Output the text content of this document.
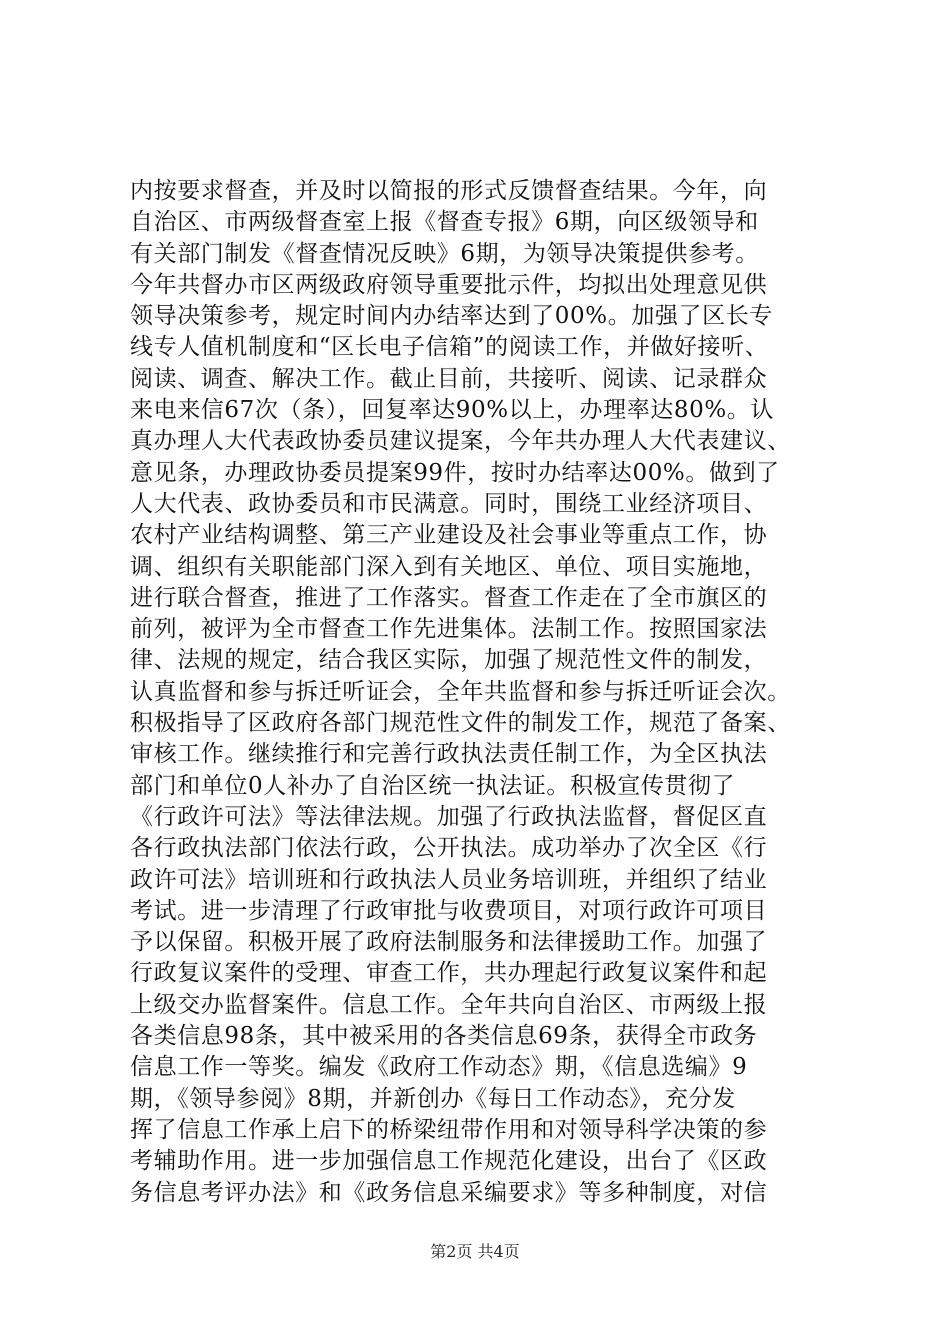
内按要求督查，并及时以简报的形式反馈督查结果。今年，向
自治区、市两级督查室上报《督查专报》6期，向区级领导和
有关部门制发《督查情况反映》6期，为领导决策提供参考。
今年共督办市区两级政府领导重要批示件，均拟出处理意见供
领导决策参考，规定时间内办结率达到了00%。加强了区长专
线专人值机制度和“区长电子信箱”的阅读工作，并做好接听、
阅读、调查、解决工作。截止目前，共接听、阅读、记录群众
来电来信67次（条），回复率达90%以上，办理率达80%。认
真办理人大代表政协委员建议提案，今年共办理人大代表建议、
意见条，办理政协委员提案99件，按时办结率达00%。做到了
人大代表、政协委员和市民满意。同时，围绕工业经济项目、
农村产业结构调整、第三产业建设及社会事业等重点工作，协
调、组织有关职能部门深入到有关地区、单位、项目实施地，
进行联合督查，推进了工作落实。督查工作走在了全市旗区的
前列，被评为全市督查工作先进集体。法制工作。按照国家法
律、法规的规定，结合我区实际，加强了规范性文件的制发，
认真监督和参与拆迁听证会，全年共监督和参与拆迁听证会次。
积极指导了区政府各部门规范性文件的制发工作，规范了备案、
审核工作。继续推行和完善行政执法责任制工作，为全区执法
部门和单位0人补办了自治区统一执法证。积极宣传贯彻了
《行政许可法》等法律法规。加强了行政执法监督，督促区直
各行政执法部门依法行政，公开执法。成功举办了次全区《行
政许可法》培训班和行政执法人员业务培训班，并组织了结业
考试。进一步清理了行政审批与收费项目，对项行政许可项目
予以保留。积极开展了政府法制服务和法律援助工作。加强了
行政复议案件的受理、审查工作，共办理起行政复议案件和起
上级交办监督案件。信息工作。全年共向自治区、市两级上报
各类信息98条，其中被采用的各类信息69条，获得全市政务
信息工作一等奖。编发《政府工作动态》期，《信息选编》9
期，《领导参阅》8期，并新创办《每日工作动态》，充分发
挥了信息工作承上启下的桥梁纽带作用和对领导科学决策的参
考辅助作用。进一步加强信息工作规范化建设，出台了《区政
务信息考评办法》和《政务信息采编要求》等多种制度，对信
第2页 共4页
